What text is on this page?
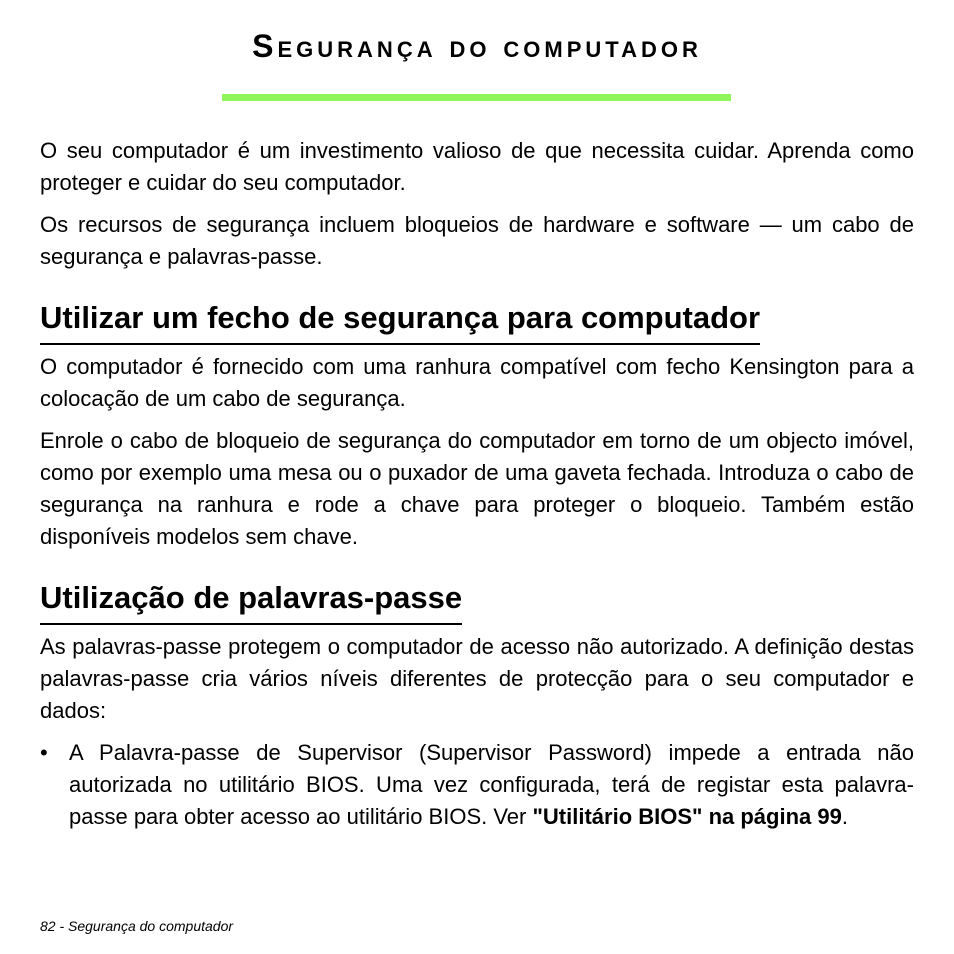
Segurança do computador

O seu computador é um investimento valioso de que necessita cuidar. Aprenda como proteger e cuidar do seu computador.

Os recursos de segurança incluem bloqueios de hardware e software — um cabo de segurança e palavras-passe.

Utilizar um fecho de segurança para computador

O computador é fornecido com uma ranhura compatível com fecho Kensington para a colocação de um cabo de segurança.

Enrole o cabo de bloqueio de segurança do computador em torno de um objecto imóvel, como por exemplo uma mesa ou o puxador de uma gaveta fechada. Introduza o cabo de segurança na ranhura e rode a chave para proteger o bloqueio. Também estão disponíveis modelos sem chave.

Utilização de palavras-passe

As palavras-passe protegem o computador de acesso não autorizado. A definição destas palavras-passe cria vários níveis diferentes de protecção para o seu computador e dados:

• A Palavra-passe de Supervisor (Supervisor Password) impede a entrada não autorizada no utilitário BIOS. Uma vez configurada, terá de registar esta palavra-passe para obter acesso ao utilitário BIOS. Ver "Utilitário BIOS" na página 99.
82 - Segurança do computador
